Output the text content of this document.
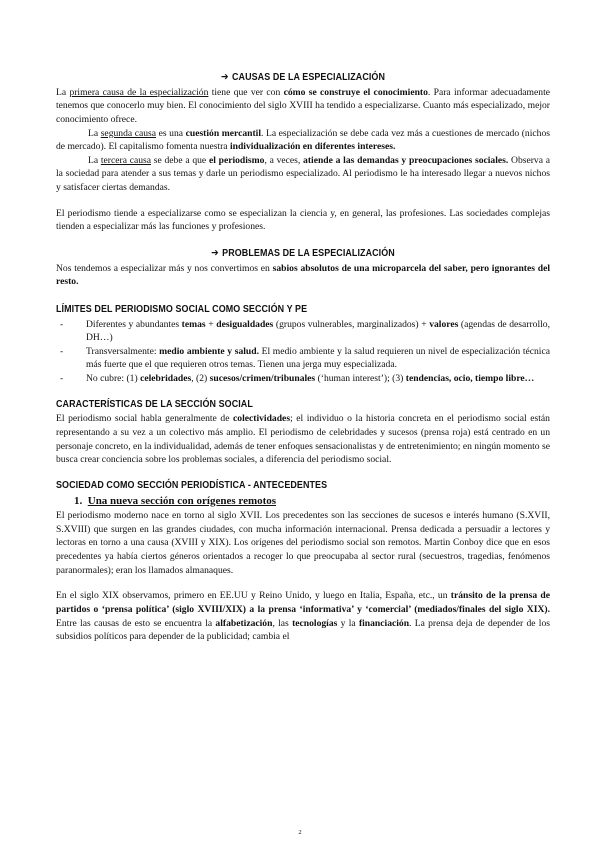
➔ CAUSAS DE LA ESPECIALIZACIÓN

La primera causa de la especialización tiene que ver con cómo se construye el conocimiento. Para informar adecuadamente tenemos que conocerlo muy bien. El conocimiento del siglo XVIII ha tendido a especializarse. Cuanto más especializado, mejor conocimiento ofrece.

La segunda causa es una cuestión mercantil. La especialización se debe cada vez más a cuestiones de mercado (nichos de mercado). El capitalismo fomenta nuestra individualización en diferentes intereses.

La tercera causa se debe a que el periodismo, a veces, atiende a las demandas y preocupaciones sociales. Observa a la sociedad para atender a sus temas y darle un periodismo especializado. Al periodismo le ha interesado llegar a nuevos nichos y satisfacer ciertas demandas.

El periodismo tiende a especializarse como se especializan la ciencia y, en general, las profesiones. Las sociedades complejas tienden a especializar más las funciones y profesiones.

➔ PROBLEMAS DE LA ESPECIALIZACIÓN

Nos tendemos a especializar más y nos convertimos en sabios absolutos de una microparcela del saber, pero ignorantes del resto.

LÍMITES DEL PERIODISMO SOCIAL COMO SECCIÓN Y PE
- Diferentes y abundantes temas + desigualdades (grupos vulnerables, marginalizados) + valores (agendas de desarrollo, DH…)
- Transversalmente: medio ambiente y salud. El medio ambiente y la salud requieren un nivel de especialización técnica más fuerte que el que requieren otros temas. Tienen una jerga muy especializada.
- No cubre: (1) celebridades, (2) sucesos/crimen/tribunales (‘human interest’); (3) tendencias, ocio, tiempo libre…
CARACTERÍSTICAS DE LA SECCIÓN SOCIAL

El periodismo social habla generalmente de colectividades; el individuo o la historia concreta en el periodismo social están representando a su vez a un colectivo más amplio. El periodismo de celebridades y sucesos (prensa roja) está centrado en un personaje concreto, en la individualidad, además de tener enfoques sensacionalistas y de entretenimiento; en ningún momento se busca crear conciencia sobre los problemas sociales, a diferencia del periodismo social.

SOCIEDAD COMO SECCIÓN PERIODÍSTICA - ANTECEDENTES
1. Una nueva sección con orígenes remotos

El periodismo moderno nace en torno al siglo XVII. Los precedentes son las secciones de sucesos e interés humano (S.XVII, S.XVIII) que surgen en las grandes ciudades, con mucha información internacional. Prensa dedicada a persuadir a lectores y lectoras en torno a una causa (XVIII y XIX). Los orígenes del periodismo social son remotos. Martin Conboy dice que en esos precedentes ya había ciertos géneros orientados a recoger lo que preocupaba al sector rural (secuestros, tragedias, fenómenos paranormales); eran los llamados almanaques.

En el siglo XIX observamos, primero en EE.UU y Reino Unido, y luego en Italia, España, etc., un tránsito de la prensa de partidos o ‘prensa política’ (siglo XVIII/XIX) a la prensa ‘informativa’ y ‘comercial’ (mediados/finales del siglo XIX). Entre las causas de esto se encuentra la alfabetización, las tecnologías y la financiación. La prensa deja de depender de los subsidios políticos para depender de la publicidad; cambia el

2
